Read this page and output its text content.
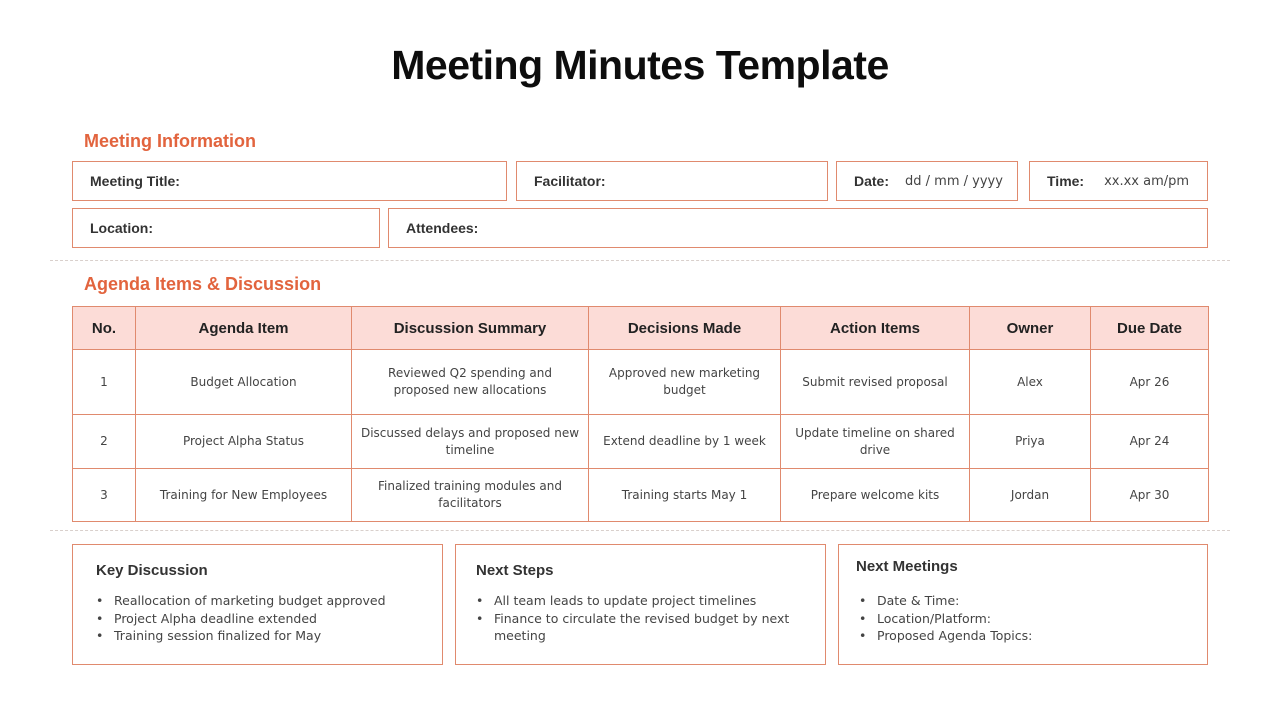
Meeting Minutes Template
Meeting Information
Meeting Title:	Facilitator:	Date: dd / mm / yyyy	Time: xx.xx am/pm
Location:	Attendees:
Agenda Items & Discussion
No.	Agenda Item	Discussion Summary	Decisions Made	Action Items	Owner	Due Date
1	Budget Allocation	Reviewed Q2 spending and proposed new allocations	Approved new marketing budget	Submit revised proposal	Alex	Apr 26
2	Project Alpha Status	Discussed delays and proposed new timeline	Extend deadline by 1 week	Update timeline on shared drive	Priya	Apr 24
3	Training for New Employees	Finalized training modules and facilitators	Training starts May 1	Prepare welcome kits	Jordan	Apr 30
Key Discussion
• Reallocation of marketing budget approved
• Project Alpha deadline extended
• Training session finalized for May
Next Steps
• All team leads to update project timelines
• Finance to circulate the revised budget by next meeting
Next Meetings
• Date & Time:
• Location/Platform:
• Proposed Agenda Topics:
